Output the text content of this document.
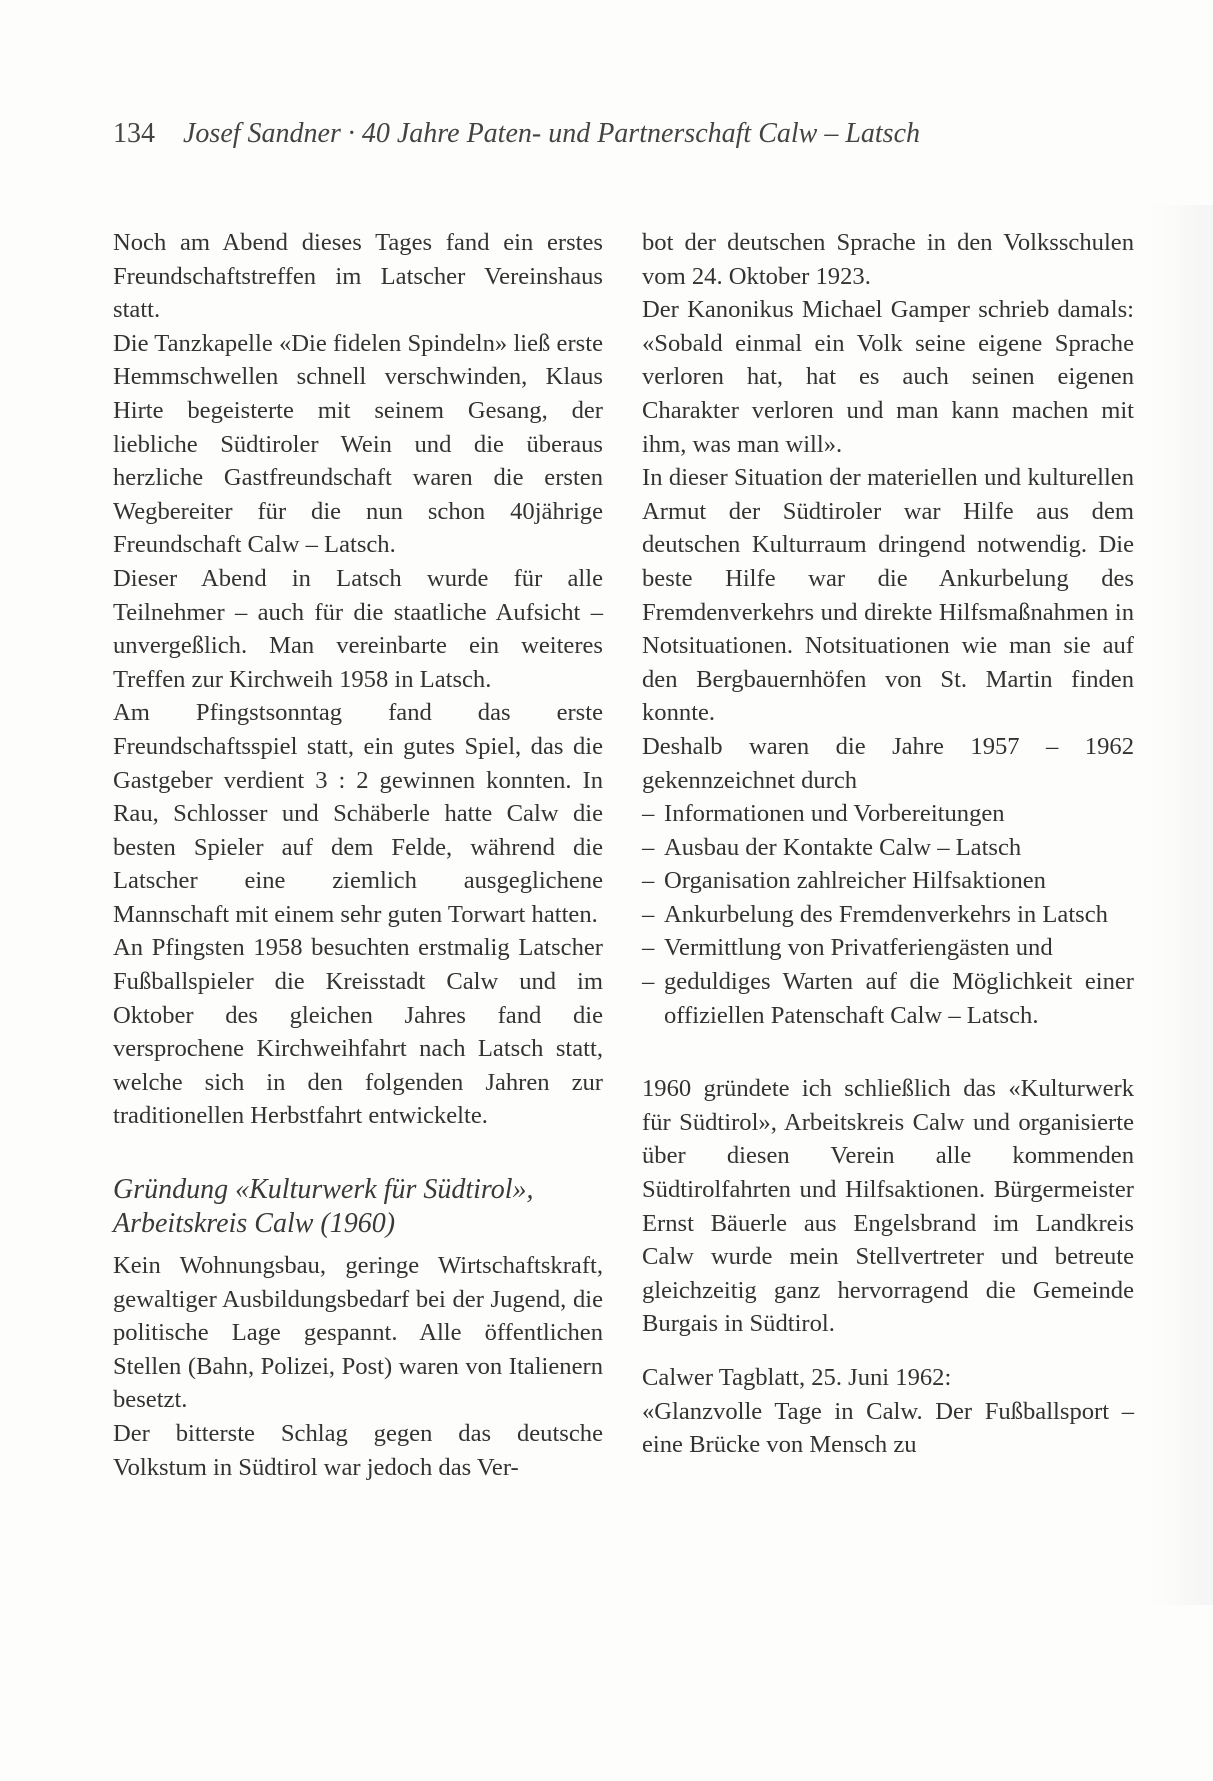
134 Josef Sandner · 40 Jahre Paten- und Partnerschaft Calw – Latsch

Noch am Abend dieses Tages fand ein erstes Freundschaftstreffen im Latscher Vereinshaus statt.

Die Tanzkapelle «Die fidelen Spindeln» ließ erste Hemmschwellen schnell verschwinden, Klaus Hirte begeisterte mit seinem Gesang, der liebliche Südtiroler Wein und die überaus herzliche Gastfreundschaft waren die ersten Wegbereiter für die nun schon 40jährige Freundschaft Calw – Latsch.

Dieser Abend in Latsch wurde für alle Teilnehmer – auch für die staatliche Aufsicht – unvergeßlich. Man vereinbarte ein weiteres Treffen zur Kirchweih 1958 in Latsch.

Am Pfingstsonntag fand das erste Freundschaftsspiel statt, ein gutes Spiel, das die Gastgeber verdient 3 : 2 gewinnen konnten. In Rau, Schlosser und Schäberle hatte Calw die besten Spieler auf dem Felde, während die Latscher eine ziemlich ausgeglichene Mannschaft mit einem sehr guten Torwart hatten.

An Pfingsten 1958 besuchten erstmalig Latscher Fußballspieler die Kreisstadt Calw und im Oktober des gleichen Jahres fand die versprochene Kirchweihfahrt nach Latsch statt, welche sich in den folgenden Jahren zur traditionellen Herbstfahrt entwickelte.

Gründung «Kulturwerk für Südtirol», Arbeitskreis Calw (1960)

Kein Wohnungsbau, geringe Wirtschaftskraft, gewaltiger Ausbildungsbedarf bei der Jugend, die politische Lage gespannt. Alle öffentlichen Stellen (Bahn, Polizei, Post) waren von Italienern besetzt.

Der bitterste Schlag gegen das deutsche Volkstum in Südtirol war jedoch das Ver-

bot der deutschen Sprache in den Volksschulen vom 24. Oktober 1923.

Der Kanonikus Michael Gamper schrieb damals: «Sobald einmal ein Volk seine eigene Sprache verloren hat, hat es auch seinen eigenen Charakter verloren und man kann machen mit ihm, was man will».

In dieser Situation der materiellen und kulturellen Armut der Südtiroler war Hilfe aus dem deutschen Kulturraum dringend notwendig. Die beste Hilfe war die Ankurbelung des Fremdenverkehrs und direkte Hilfsmaßnahmen in Notsituationen. Notsituationen wie man sie auf den Bergbauernhöfen von St. Martin finden konnte.

Deshalb waren die Jahre 1957 – 1962 gekennzeichnet durch

– Informationen und Vorbereitungen
– Ausbau der Kontakte Calw – Latsch
– Organisation zahlreicher Hilfsaktionen
– Ankurbelung des Fremdenverkehrs in Latsch
– Vermittlung von Privatferiengästen und
– geduldiges Warten auf die Möglichkeit einer offiziellen Patenschaft Calw – Latsch.

1960 gründete ich schließlich das «Kulturwerk für Südtirol», Arbeitskreis Calw und organisierte über diesen Verein alle kommenden Südtirolfahrten und Hilfsaktionen. Bürgermeister Ernst Bäuerle aus Engelsbrand im Landkreis Calw wurde mein Stellvertreter und betreute gleichzeitig ganz hervorragend die Gemeinde Burgais in Südtirol.

Calwer Tagblatt, 25. Juni 1962:

«Glanzvolle Tage in Calw. Der Fußballsport – eine Brücke von Mensch zu
